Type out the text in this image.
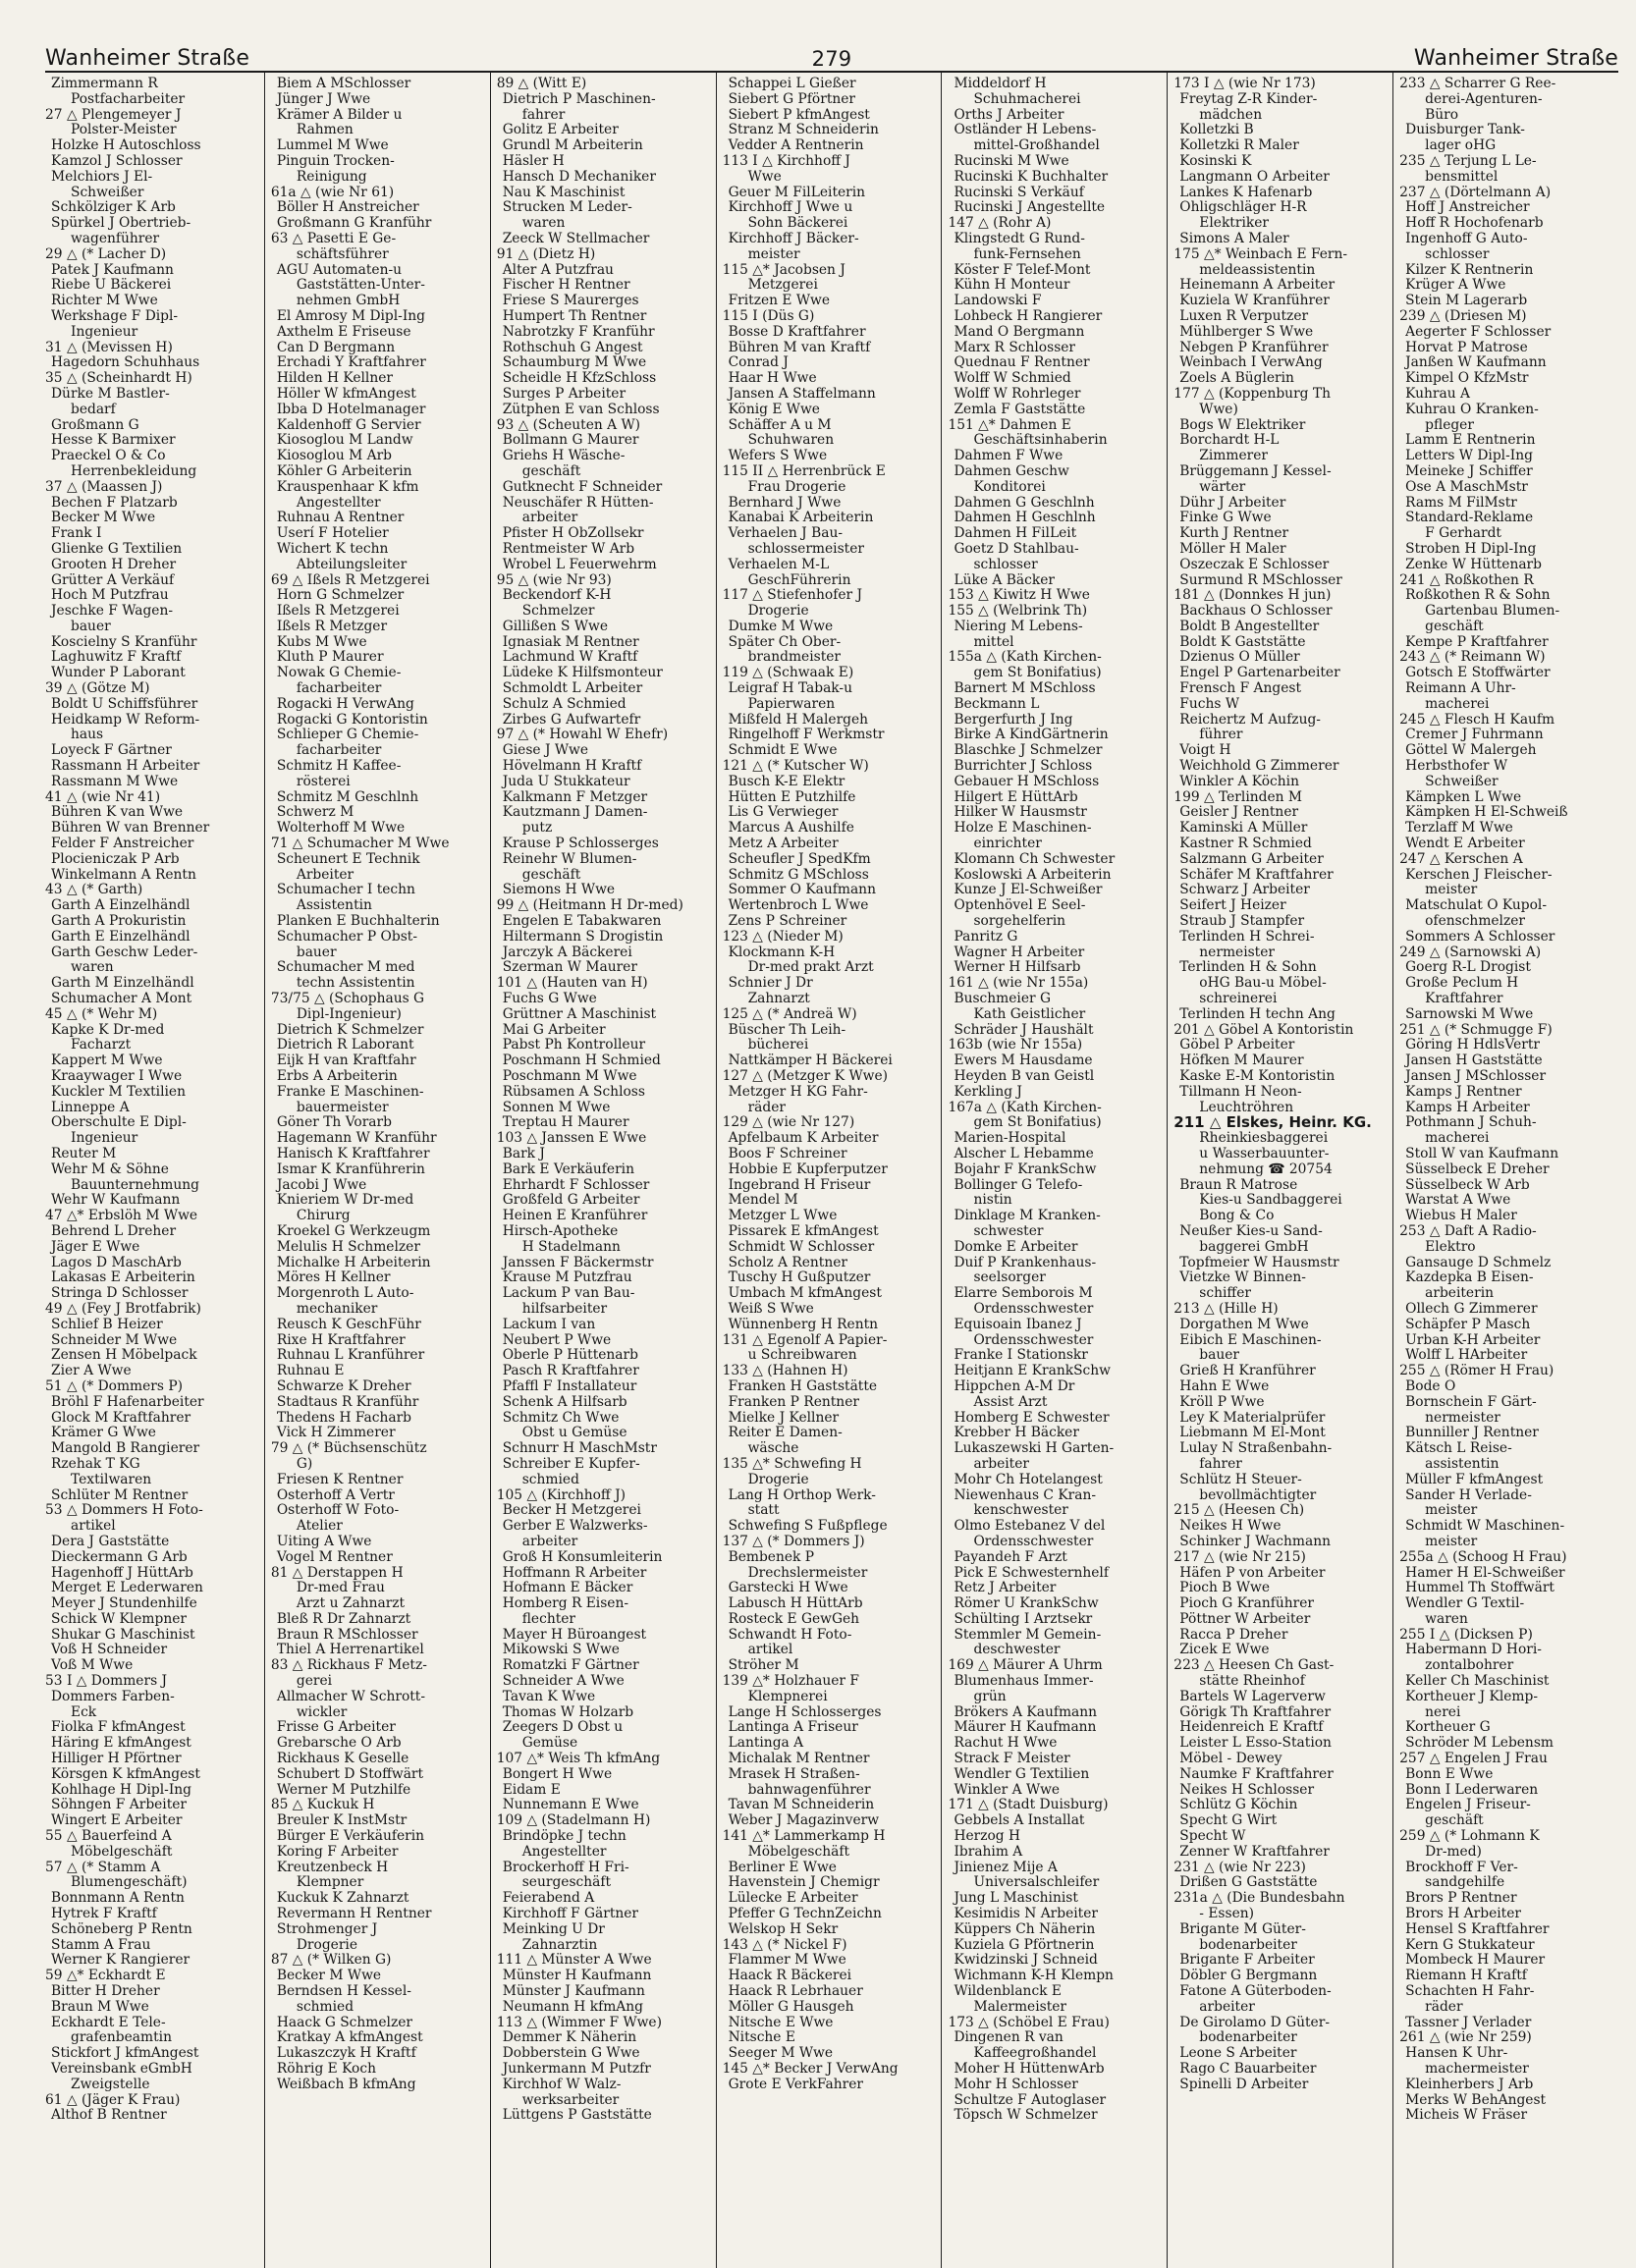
Wanheimer Straße	279	Wanheimer Straße
Zimmermann R
Postfacharbeiter
27 △ Plengemeyer J
Polster-Meister
Holzke H Autoschloss
Kamzol J Schlosser
Melchiors J El-
Schweißer
Schkölziger K Arb
Spürkel J Obertrieb-
wagenführer
29 △ (* Lacher D)
Patek J Kaufmann
Riebe U Bäckerei
Richter M Wwe
Werkshage F Dipl-
Ingenieur
31 △ (Mevissen H)
Hagedorn Schuhhaus
35 △ (Scheinhardt H)
Dürke M Bastler-
bedarf
Großmann G
Hesse K Barmixer
Praeckel O & Co
Herrenbekleidung
37 △ (Maassen J)
Bechen F Platzarb
Becker M Wwe
Frank I
Glienke G Textilien
Grooten H Dreher
Grütter A Verkäuf
Hoch M Putzfrau
Jeschke F Wagen-
bauer
Koscielny S Kranführ
Laghuwitz F Kraftf
Wunder P Laborant
39 △ (Götze M)
Boldt U Schiffsführer
Heidkamp W Reform-
haus
Loyeck F Gärtner
Rassmann H Arbeiter
Rassmann M Wwe
41 △ (wie Nr 41)
Bühren K van Wwe
Bühren W van Brenner
Felder F Anstreicher
Plocieniczak P Arb
Winkelmann A Rentn
43 △ (* Garth)
Garth A Einzelhändl
Garth A Prokuristin
Garth E Einzelhändl
Garth Geschw Leder-
waren
Garth M Einzelhändl
Schumacher A Mont
45 △ (* Wehr M)
Kapke K Dr-med
Facharzt
Kappert M Wwe
Kraaywager I Wwe
Kuckler M Textilien
Linneppe A
Oberschulte E Dipl-
Ingenieur
Reuter M
Wehr M & Söhne
Bauunternehmung
Wehr W Kaufmann
47 △* Erbslöh M Wwe
Behrend L Dreher
Jäger E Wwe
Lagos D MaschArb
Lakasas E Arbeiterin
Stringa D Schlosser
49 △ (Fey J Brotfabrik)
Schlief B Heizer
Schneider M Wwe
Zensen H Möbelpack
Zier A Wwe
51 △ (* Dommers P)
Bröhl F Hafenarbeiter
Glock M Kraftfahrer
Krämer G Wwe
Mangold B Rangierer
Rzehak T KG
Textilwaren
Schlüter M Rentner
53 △ Dommers H Foto-
artikel
Dera J Gaststätte
Dieckermann G Arb
Hagenhoff J HüttArb
Merget E Lederwaren
Meyer J Stundenhilfe
Schick W Klempner
Shukar G Maschinist
Voß H Schneider
Voß M Wwe
53 I △ Dommers J
Dommers Farben-
Eck
Fiolka F kfmAngest
Häring E kfmAngest
Hilliger H Pförtner
Körsgen K kfmAngest
Kohlhage H Dipl-Ing
Söhngen F Arbeiter
Wingert E Arbeiter
55 △ Bauerfeind A
Möbelgeschäft
57 △ (* Stamm A
Blumengeschäft)
Bonnmann A Rentn
Hytrek F Kraftf
Schöneberg P Rentn
Stamm A Frau
Werner K Rangierer
59 △* Eckhardt E
Bitter H Dreher
Braun M Wwe
Eckhardt E Tele-
grafenbeamtin
Stickfort J kfmAngest
Vereinsbank eGmbH
Zweigstelle
61 △ (Jäger K Frau)
Althof B Rentner
Biem A MSchlosser
Jünger J Wwe
Krämer A Bilder u
Rahmen
Lummel M Wwe
Pinguin Trocken-
Reinigung
61a △ (wie Nr 61)
Böller H Anstreicher
Großmann G Kranführ
63 △ Pasetti E Ge-
schäftsführer
AGU Automaten-u
Gaststätten-Unter-
nehmen GmbH
El Amrosy M Dipl-Ing
Axthelm E Friseuse
Can D Bergmann
Erchadi Y Kraftfahrer
Hilden H Kellner
Höller W kfmAngest
Ibba D Hotelmanager
Kaldenhoff G Servier
Kiosoglou M Landw
Kiosoglou M Arb
Köhler G Arbeiterin
Krauspenhaar K kfm
Angestellter
Ruhnau A Rentner
Userí F Hotelier
Wichert K techn
Abteilungsleiter
69 △ Ißels R Metzgerei
Horn G Schmelzer
Ißels R Metzgerei
Ißels R Metzger
Kubs M Wwe
Kluth P Maurer
Nowak G Chemie-
facharbeiter
Rogacki H VerwAng
Rogacki G Kontoristin
Schlieper G Chemie-
facharbeiter
Schmitz H Kaffee-
rösterei
Schmitz M Geschlnh
Schwerz M
Wolterhoff M Wwe
71 △ Schumacher M Wwe
Scheunert E Technik
Arbeiter
Schumacher I techn
Assistentin
Planken E Buchhalterin
Schumacher P Obst-
bauer
Schumacher M med
techn Assistentin
73/75 △ (Schophaus G
Dipl-Ingenieur)
Dietrich K Schmelzer
Dietrich R Laborant
Eijk H van Kraftfahr
Erbs A Arbeiterin
Franke E Maschinen-
bauermeister
Göner Th Vorarb
Hagemann W Kranführ
Hanisch K Kraftfahrer
Ismar K Kranführerin
Jacobi J Wwe
Knieriem W Dr-med
Chirurg
Kroekel G Werkzeugm
Melulis H Schmelzer
Michalke H Arbeiterin
Möres H Kellner
Morgenroth L Auto-
mechaniker
Reusch K GeschFühr
Rixe H Kraftfahrer
Ruhnau L Kranführer
Ruhnau E
Schwarze K Dreher
Stadtaus R Kranführ
Thedens H Facharb
Vick H Zimmerer
79 △ (* Büchsenschütz
G)
Friesen K Rentner
Osterhoff A Vertr
Osterhoff W Foto-
Atelier
Uiting A Wwe
Vogel M Rentner
81 △ Derstappen H
Dr-med Frau
Arzt u Zahnarzt
Bleß R Dr Zahnarzt
Braun R MSchlosser
Thiel A Herrenartikel
83 △ Rickhaus F Metz-
gerei
Allmacher W Schrott-
wickler
Frisse G Arbeiter
Grebarsche O Arb
Rickhaus K Geselle
Schubert D Stoffwärt
Werner M Putzhilfe
85 △ Kuckuk H
Breuler K InstMstr
Bürger E Verkäuferin
Koring F Arbeiter
Kreutzenbeck H
Klempner
Kuckuk K Zahnarzt
Revermann H Rentner
Strohmenger J
Drogerie
87 △ (* Wilken G)
Becker M Wwe
Berndsen H Kessel-
schmied
Haack G Schmelzer
Kratkay A kfmAngest
Lukaszczyk H Kraftf
Röhrig E Koch
Weißbach B kfmAng
89 △ (Witt E)
Dietrich P Maschinen-
fahrer
Golitz E Arbeiter
Grundl M Arbeiterin
Häsler H
Hansch D Mechaniker
Nau K Maschinist
Strucken M Leder-
waren
Zeeck W Stellmacher
91 △ (Dietz H)
Alter A Putzfrau
Fischer H Rentner
Friese S Maurerges
Humpert Th Rentner
Nabrotzky F Kranführ
Rothschuh G Angest
Schaumburg M Wwe
Scheidle H KfzSchloss
Surges P Arbeiter
Zütphen E van Schloss
93 △ (Scheuten A W)
Bollmann G Maurer
Griehs H Wäsche-
geschäft
Gutknecht F Schneider
Neuschäfer R Hütten-
arbeiter
Pfister H ObZollsekr
Rentmeister W Arb
Wrobel L Feuerwehrm
95 △ (wie Nr 93)
Beckendorf K-H
Schmelzer
Gillißen S Wwe
Ignasiak M Rentner
Lachmund W Kraftf
Lüdeke K Hilfsmonteur
Schmoldt L Arbeiter
Schulz A Schmied
Zirbes G Aufwartefr
97 △ (* Howahl W Ehefr)
Giese J Wwe
Hövelmann H Kraftf
Juda U Stukkateur
Kalkmann F Metzger
Kautzmann J Damen-
putz
Krause P Schlosserges
Reinehr W Blumen-
geschäft
Siemons H Wwe
99 △ (Heitmann H Dr-med)
Engelen E Tabakwaren
Hiltermann S Drogistin
Jarczyk A Bäckerei
Szerman W Maurer
101 △ (Hauten van H)
Fuchs G Wwe
Grüttner A Maschinist
Mai G Arbeiter
Pabst Ph Kontrolleur
Poschmann H Schmied
Poschmann M Wwe
Rübsamen A Schloss
Sonnen M Wwe
Treptau H Maurer
103 △ Janssen E Wwe
Bark J
Bark E Verkäuferin
Ehrhardt F Schlosser
Großfeld G Arbeiter
Heinen E Kranführer
Hirsch-Apotheke
H Stadelmann
Janssen F Bäckermstr
Krause M Putzfrau
Lackum P van Bau-
hilfsarbeiter
Lackum I van
Neubert P Wwe
Oberle P Hüttenarb
Pasch R Kraftfahrer
Pfaffl F Installateur
Schenk A Hilfsarb
Schmitz Ch Wwe
Obst u Gemüse
Schnurr H MaschMstr
Schreiber E Kupfer-
schmied
105 △ (Kirchhoff J)
Becker H Metzgerei
Gerber E Walzwerks-
arbeiter
Groß H Konsumleiterin
Hoffmann R Arbeiter
Hofmann E Bäcker
Homberg R Eisen-
flechter
Mayer H Büroangest
Mikowski S Wwe
Romatzki F Gärtner
Schneider A Wwe
Tavan K Wwe
Thomas W Holzarb
Zeegers D Obst u
Gemüse
107 △* Weis Th kfmAng
Bongert H Wwe
Eidam E
Nunnemann E Wwe
109 △ (Stadelmann H)
Brindöpke J techn
Angestellter
Brockerhoff H Fri-
seurgeschäft
Feierabend A
Kirchhoff F Gärtner
Meinking U Dr
Zahnarztin
111 △ Münster A Wwe
Münster H Kaufmann
Münster J Kaufmann
Neumann H kfmAng
113 △ (Wimmer F Wwe)
Demmer K Näherin
Dobberstein G Wwe
Junkermann M Putzfr
Kirchhof W Walz-
werksarbeiter
Lüttgens P Gaststätte
Schappei L Gießer
Siebert G Pförtner
Siebert P kfmAngest
Stranz M Schneiderin
Vedder A Rentnerin
113 I △ Kirchhoff J
Wwe
Geuer M FilLeiterin
Kirchhoff J Wwe u
Sohn Bäckerei
Kirchhoff J Bäcker-
meister
115 △* Jacobsen J
Metzgerei
Fritzen E Wwe
115 I (Düs G)
Bosse D Kraftfahrer
Bühren M van Kraftf
Conrad J
Haar H Wwe
Jansen A Staffelmann
König E Wwe
Schäffer A u M
Schuhwaren
Wefers S Wwe
115 II △ Herrenbrück E
Frau Drogerie
Bernhard J Wwe
Kanabai K Arbeiterin
Verhaelen J Bau-
schlossermeister
Verhaelen M-L
GeschFührerin
117 △ Stiefenhofer J
Drogerie
Dumke M Wwe
Später Ch Ober-
brandmeister
119 △ (Schwaak E)
Leigraf H Tabak-u
Papierwaren
Mißfeld H Malergeh
Ringelhoff F Werkmstr
Schmidt E Wwe
121 △ (* Kutscher W)
Busch K-E Elektr
Hütten E Putzhilfe
Lis G Verwieger
Marcus A Aushilfe
Metz A Arbeiter
Scheufler J SpedKfm
Schmitz G MSchloss
Sommer O Kaufmann
Wertenbroch L Wwe
Zens P Schreiner
123 △ (Nieder M)
Klockmann K-H
Dr-med prakt Arzt
Schnier J Dr
Zahnarzt
125 △ (* Andreä W)
Büscher Th Leih-
bücherei
Nattkämper H Bäckerei
127 △ (Metzger K Wwe)
Metzger H KG Fahr-
räder
129 △ (wie Nr 127)
Apfelbaum K Arbeiter
Boos F Schreiner
Hobbie E Kupferputzer
Ingebrand H Friseur
Mendel M
Metzger L Wwe
Pissarek E kfmAngest
Schmidt W Schlosser
Scholz A Rentner
Tuschy H Gußputzer
Umbach M kfmAngest
Weiß S Wwe
Wünnenberg H Rentn
131 △ Egenolf A Papier-
u Schreibwaren
133 △ (Hahnen H)
Franken H Gaststätte
Franken P Rentner
Mielke J Kellner
Reiter E Damen-
wäsche
135 △* Schwefing H
Drogerie
Lang H Orthop Werk-
statt
Schwefing S Fußpflege
137 △ (* Dommers J)
Bembenek P
Drechslermeister
Garstecki H Wwe
Labusch H HüttArb
Rosteck E GewGeh
Schwandt H Foto-
artikel
Ströher M
139 △* Holzhauer F
Klempnerei
Lange H Schlosserges
Lantinga A Friseur
Lantinga A
Michalak M Rentner
Mrasek H Straßen-
bahnwagenführer
Tavan M Schneiderin
Weber J Magazinverw
141 △* Lammerkamp H
Möbelgeschäft
Berliner E Wwe
Havenstein J Chemigr
Lülecke E Arbeiter
Pfeffer G TechnZeichn
Welskop H Sekr
143 △ (* Nickel F)
Flammer M Wwe
Haack R Bäckerei
Haack R Lebrhauer
Möller G Hausgeh
Nitsche E Wwe
Nitsche E
Seeger M Wwe
145 △* Becker J VerwAng
Grote E VerkFahrer
Middeldorf H
Schuhmacherei
Orths J Arbeiter
Ostländer H Lebens-
mittel-Großhandel
Rucinski M Wwe
Rucinski K Buchhalter
Rucinski S Verkäuf
Rucinski J Angestellte
147 △ (Rohr A)
Klingstedt G Rund-
funk-Fernsehen
Köster F Telef-Mont
Kühn H Monteur
Landowski F
Lohbeck H Rangierer
Mand O Bergmann
Marx R Schlosser
Quednau F Rentner
Wolff W Schmied
Wolff W Rohrleger
Zemla F Gaststätte
151 △* Dahmen E
Geschäftsinhaberin
Dahmen F Wwe
Dahmen Geschw
Konditorei
Dahmen G Geschlnh
Dahmen H Geschlnh
Dahmen H FilLeit
Goetz D Stahlbau-
schlosser
Lüke A Bäcker
153 △ Kiwitz H Wwe
155 △ (Welbrink Th)
Niering M Lebens-
mittel
155a △ (Kath Kirchen-
gem St Bonifatius)
Barnert M MSchloss
Beckmann L
Bergerfurth J Ing
Birke A KindGärtnerin
Blaschke J Schmelzer
Burrichter J Schloss
Gebauer H MSchloss
Hilgert E HüttArb
Hilker W Hausmstr
Holze E Maschinen-
einrichter
Klomann Ch Schwester
Koslowski A Arbeiterin
Kunze J El-Schweißer
Optenhövel E Seel-
sorgehelferin
Panritz G
Wagner H Arbeiter
Werner H Hilfsarb
161 △ (wie Nr 155a)
Buschmeier G
Kath Geistlicher
Schräder J Haushält
163b (wie Nr 155a)
Ewers M Hausdame
Heyden B van Geistl
Kerkling J
167a △ (Kath Kirchen-
gem St Bonifatius)
Marien-Hospital
Alscher L Hebamme
Bojahr F KrankSchw
Bollinger G Telefo-
nistin
Dinklage M Kranken-
schwester
Domke E Arbeiter
Duif P Krankenhaus-
seelsorger
Elarre Semborois M
Ordensschwester
Equisoain Ibanez J
Ordensschwester
Franke I Stationskr
Heitjann E KrankSchw
Hippchen A-M Dr
Assist Arzt
Homberg E Schwester
Krebber H Bäcker
Lukaszewski H Garten-
arbeiter
Mohr Ch Hotelangest
Niewenhaus C Kran-
kenschwester
Olmo Estebanez V del
Ordensschwester
Payandeh F Arzt
Pick E Schwesternhelf
Retz J Arbeiter
Römer U KrankSchw
Schülting I Arztsekr
Stemmler M Gemein-
deschwester
169 △ Mäurer A Uhrm
Blumenhaus Immer-
grün
Brökers A Kaufmann
Mäurer H Kaufmann
Rachut H Wwe
Strack F Meister
Wendler G Textilien
Winkler A Wwe
171 △ (Stadt Duisburg)
Gebbels A Installat
Herzog H
Ibrahim A
Jinienez Mije A
Universalschleifer
Jung L Maschinist
Kesimidis N Arbeiter
Küppers Ch Näherin
Kuziela G Pförtnerin
Kwidzinski J Schneid
Wichmann K-H Klempn
Wildenblanck E
Malermeister
173 △ (Schöbel E Frau)
Dingenen R van
Kaffeegroßhandel
Moher H HüttenwArb
Mohr H Schlosser
Schultze F Autoglaser
Töpsch W Schmelzer
173 I △ (wie Nr 173)
Freytag Z-R Kinder-
mädchen
Kolletzki B
Kolletzki R Maler
Kosinski K
Langmann O Arbeiter
Lankes K Hafenarb
Ohligschläger H-R
Elektriker
Simons A Maler
175 △* Weinbach E Fern-
meldeassistentin
Heinemann A Arbeiter
Kuziela W Kranführer
Luxen R Verputzer
Mühlberger S Wwe
Nebgen P Kranführer
Weinbach I VerwAng
Zoels A Büglerin
177 △ (Koppenburg Th
Wwe)
Bogs W Elektriker
Borchardt H-L
Zimmerer
Brüggemann J Kessel-
wärter
Dühr J Arbeiter
Finke G Wwe
Kurth J Rentner
Möller H Maler
Oszeczak E Schlosser
Surmund R MSchlosser
181 △ (Donnkes H jun)
Backhaus O Schlosser
Boldt B Angestellter
Boldt K Gaststätte
Dzienus O Müller
Engel P Gartenarbeiter
Frensch F Angest
Fuchs W
Reichertz M Aufzug-
führer
Voigt H
Weichhold G Zimmerer
Winkler A Köchin
199 △ Terlinden M
Geisler J Rentner
Kaminski A Müller
Kastner R Schmied
Salzmann G Arbeiter
Schäfer M Kraftfahrer
Schwarz J Arbeiter
Seifert J Heizer
Straub J Stampfer
Terlinden H Schrei-
nermeister
Terlinden H & Sohn
oHG Bau-u Möbel-
schreinerei
Terlinden H techn Ang
201 △ Göbel A Kontoristin
Göbel P Arbeiter
Höfken M Maurer
Kaske E-M Kontoristin
Tillmann H Neon-
Leuchtröhren
211 △ Elskes, Heinr. KG.
Rheinkiesbaggerei
u Wasserbauunter-
nehmung ☎ 20754
Braun R Matrose
Kies-u Sandbaggerei
Bong & Co
Neußer Kies-u Sand-
baggerei GmbH
Topfmeier W Hausmstr
Vietzke W Binnen-
schiffer
213 △ (Hille H)
Dorgathen M Wwe
Eibich E Maschinen-
bauer
Grieß H Kranführer
Hahn E Wwe
Kröll P Wwe
Ley K Materialprüfer
Liebmann M El-Mont
Lulay N Straßenbahn-
fahrer
Schlütz H Steuer-
bevollmächtigter
215 △ (Heesen Ch)
Neikes H Wwe
Schinker J Wachmann
217 △ (wie Nr 215)
Häfen P von Arbeiter
Pioch B Wwe
Pioch G Kranführer
Pöttner W Arbeiter
Racca P Dreher
Zicek E Wwe
223 △ Heesen Ch Gast-
stätte Rheinhof
Bartels W Lagerverw
Görigk Th Kraftfahrer
Heidenreich E Kraftf
Leister L Esso-Station
Möbel - Dewey
Naumke F Kraftfahrer
Neikes H Schlosser
Schlütz G Köchin
Specht G Wirt
Specht W
Zenner W Kraftfahrer
231 △ (wie Nr 223)
Drißen G Gaststätte
231a △ (Die Bundesbahn
- Essen)
Brigante M Güter-
bodenarbeiter
Brigante F Arbeiter
Döbler G Bergmann
Fatone A Güterboden-
arbeiter
De Girolamo D Güter-
bodenarbeiter
Leone S Arbeiter
Rago C Bauarbeiter
Spinelli D Arbeiter
233 △ Scharrer G Ree-
derei-Agenturen-
Büro
Duisburger Tank-
lager oHG
235 △ Terjung L Le-
bensmittel
237 △ (Dörtelmann A)
Hoff J Anstreicher
Hoff R Hochofenarb
Ingenhoff G Auto-
schlosser
Kilzer K Rentnerin
Krüger A Wwe
Stein M Lagerarb
239 △ (Driesen M)
Aegerter F Schlosser
Horvat P Matrose
Janßen W Kaufmann
Kimpel O KfzMstr
Kuhrau A
Kuhrau O Kranken-
pfleger
Lamm E Rentnerin
Letters W Dipl-Ing
Meineke J Schiffer
Ose A MaschMstr
Rams M FilMstr
Standard-Reklame
F Gerhardt
Stroben H Dipl-Ing
Zenke W Hüttenarb
241 △ Roßkothen R
Roßkothen R & Sohn
Gartenbau Blumen-
geschäft
Kempe P Kraftfahrer
243 △ (* Reimann W)
Gotsch E Stoffwärter
Reimann A Uhr-
macherei
245 △ Flesch H Kaufm
Cremer J Fuhrmann
Göttel W Malergeh
Herbsthofer W
Schweißer
Kämpken L Wwe
Kämpken H El-Schweiß
Terzlaff M Wwe
Wendt E Arbeiter
247 △ Kerschen A
Kerschen J Fleischer-
meister
Matschulat O Kupol-
ofenschmelzer
Sommers A Schlosser
249 △ (Sarnowski A)
Goerg R-L Drogist
Große Peclum H
Kraftfahrer
Sarnowski M Wwe
251 △ (* Schmugge F)
Göring H HdlsVertr
Jansen H Gaststätte
Jansen J MSchlosser
Kamps J Rentner
Kamps H Arbeiter
Pothmann J Schuh-
macherei
Stoll W van Kaufmann
Süsselbeck E Dreher
Süsselbeck W Arb
Warstat A Wwe
Wiebus H Maler
253 △ Daft A Radio-
Elektro
Gansauge D Schmelz
Kazdepka B Eisen-
arbeiterin
Ollech G Zimmerer
Schäpfer P Masch
Urban K-H Arbeiter
Wolff L HArbeiter
255 △ (Römer H Frau)
Bode O
Bornschein F Gärt-
nermeister
Bunniller J Rentner
Kätsch L Reise-
assistentin
Müller F kfmAngest
Sander H Verlade-
meister
Schmidt W Maschinen-
meister
255a △ (Schoog H Frau)
Hamer H El-Schweißer
Hummel Th Stoffwärt
Wendler G Textil-
waren
255 I △ (Dicksen P)
Habermann D Hori-
zontalbohrer
Keller Ch Maschinist
Kortheuer J Klemp-
nerei
Kortheuer G
Schröder M Lebensm
257 △ Engelen J Frau
Bonn E Wwe
Bonn I Lederwaren
Engelen J Friseur-
geschäft
259 △ (* Lohmann K
Dr-med)
Brockhoff F Ver-
sandgehilfe
Brors P Rentner
Brors H Arbeiter
Hensel S Kraftfahrer
Kern G Stukkateur
Mombeck H Maurer
Riemann H Kraftf
Schachten H Fahr-
räder
Tassner J Verlader
261 △ (wie Nr 259)
Hansen K Uhr-
machermeister
Kleinherbers J Arb
Merks W BehAngest
Micheis W Fräser
